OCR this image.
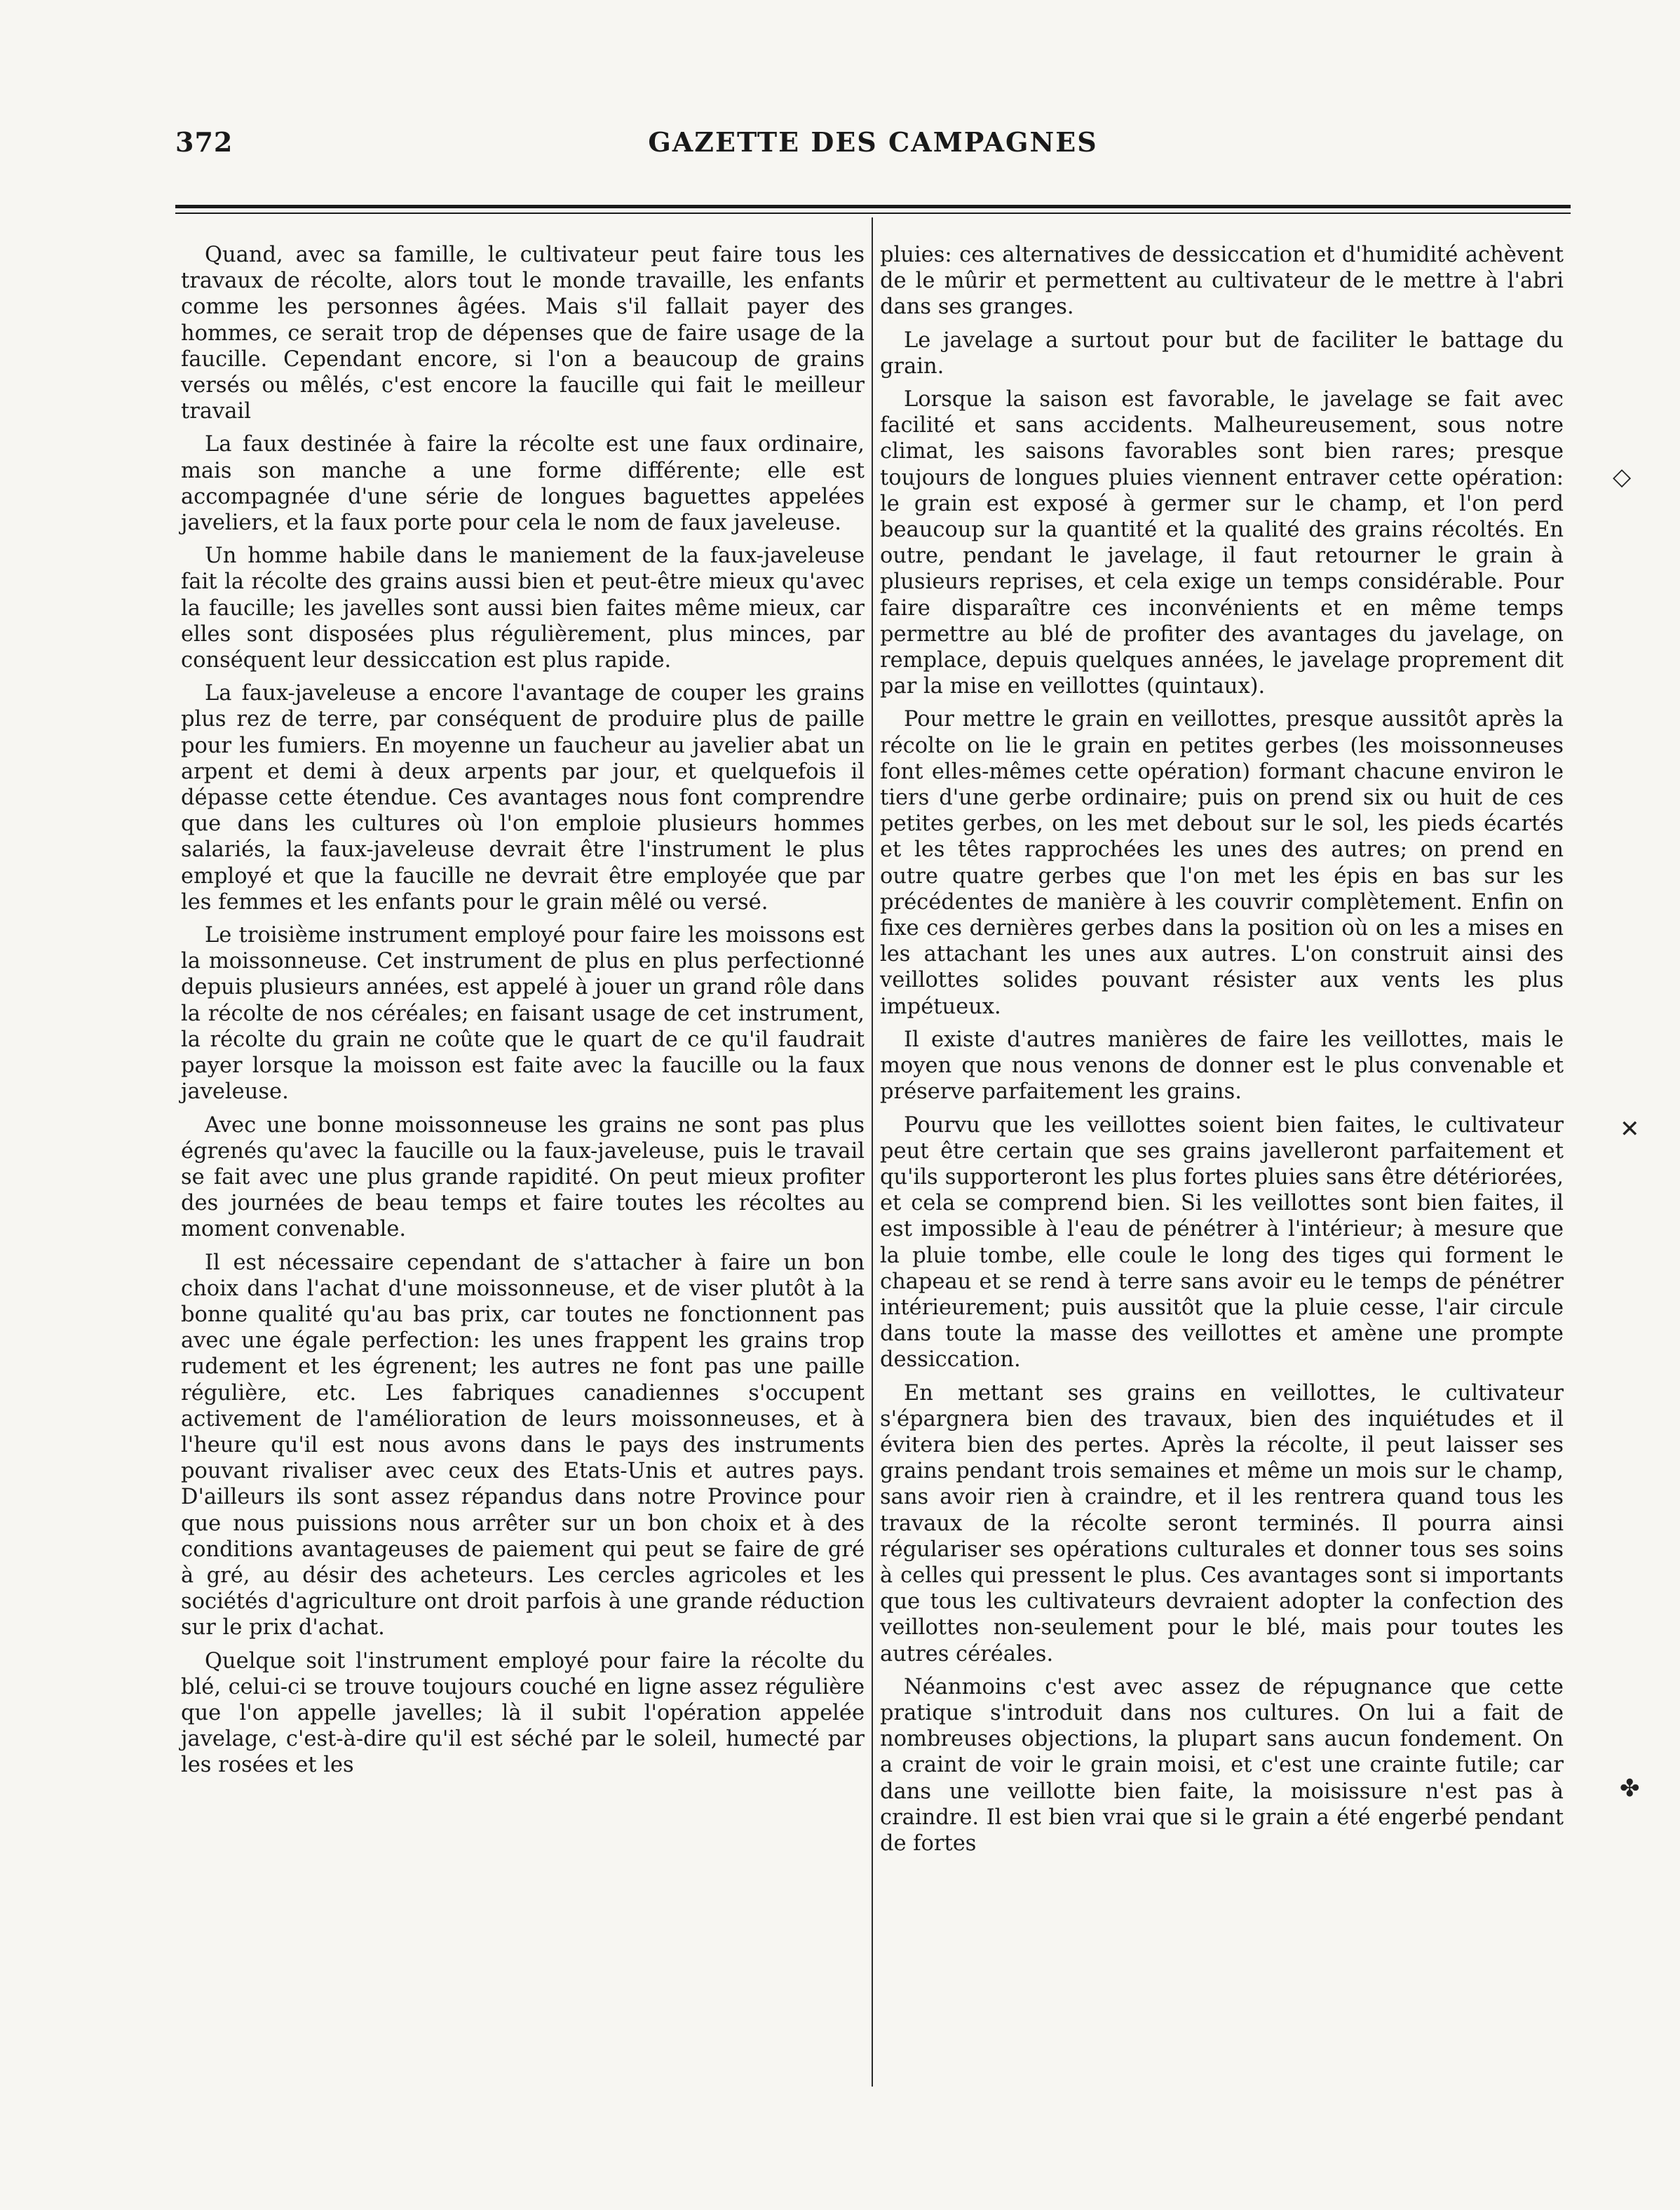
372	GAZETTE DES CAMPAGNES

Quand, avec sa famille, le cultivateur peut faire tous les travaux de récolte, alors tout le monde travaille, les enfants comme les personnes âgées. Mais s'il fallait payer des hommes, ce serait trop de dépenses que de faire usage de la faucille. Cependant encore, si l'on a beaucoup de grains versés ou mêlés, c'est encore la faucille qui fait le meilleur travail

La faux destinée à faire la récolte est une faux ordinaire, mais son manche a une forme différente; elle est accompagnée d'une série de longues baguettes appelées javeliers, et la faux porte pour cela le nom de faux javeleuse.

Un homme habile dans le maniement de la faux-javeleuse fait la récolte des grains aussi bien et peut-être mieux qu'avec la faucille; les javelles sont aussi bien faites même mieux, car elles sont disposées plus régulièrement, plus minces, par conséquent leur dessiccation est plus rapide.

La faux-javeleuse a encore l'avantage de couper les grains plus rez de terre, par conséquent de produire plus de paille pour les fumiers. En moyenne un faucheur au javelier abat un arpent et demi à deux arpents par jour, et quelquefois il dépasse cette étendue. Ces avantages nous font comprendre que dans les cultures où l'on emploie plusieurs hommes salariés, la faux-javeleuse devrait être l'instrument le plus employé et que la faucille ne devrait être employée que par les femmes et les enfants pour le grain mêlé ou versé.

Le troisième instrument employé pour faire les moissons est la moissonneuse. Cet instrument de plus en plus perfectionné depuis plusieurs années, est appelé à jouer un grand rôle dans la récolte de nos céréales; en faisant usage de cet instrument, la récolte du grain ne coûte que le quart de ce qu'il faudrait payer lorsque la moisson est faite avec la faucille ou la faux javeleuse.

Avec une bonne moissonneuse les grains ne sont pas plus égrenés qu'avec la faucille ou la faux-javeleuse, puis le travail se fait avec une plus grande rapidité. On peut mieux profiter des journées de beau temps et faire toutes les récoltes au moment convenable.

Il est nécessaire cependant de s'attacher à faire un bon choix dans l'achat d'une moissonneuse, et de viser plutôt à la bonne qualité qu'au bas prix, car toutes ne fonctionnent pas avec une égale perfection: les unes frappent les grains trop rudement et les égrenent; les autres ne font pas une paille régulière, etc. Les fabriques canadiennes s'occupent activement de l'amélioration de leurs moissonneuses, et à l'heure qu'il est nous avons dans le pays des instruments pouvant rivaliser avec ceux des Etats-Unis et autres pays. D'ailleurs ils sont assez répandus dans notre Province pour que nous puissions nous arrêter sur un bon choix et à des conditions avantageuses de paiement qui peut se faire de gré à gré, au désir des acheteurs. Les cercles agricoles et les sociétés d'agriculture ont droit parfois à une grande réduction sur le prix d'achat.

Quelque soit l'instrument employé pour faire la récolte du blé, celui-ci se trouve toujours couché en ligne assez régulière que l'on appelle javelles; là il subit l'opération appelée javelage, c'est-à-dire qu'il est séché par le soleil, humecté par les rosées et les

pluies: ces alternatives de dessiccation et d'humidité achèvent de le mûrir et permettent au cultivateur de le mettre à l'abri dans ses granges.

Le javelage a surtout pour but de faciliter le battage du grain.

Lorsque la saison est favorable, le javelage se fait avec facilité et sans accidents. Malheureusement, sous notre climat, les saisons favorables sont bien rares; presque toujours de longues pluies viennent entraver cette opération: le grain est exposé à germer sur le champ, et l'on perd beaucoup sur la quantité et la qualité des grains récoltés. En outre, pendant le javelage, il faut retourner le grain à plusieurs reprises, et cela exige un temps considérable. Pour faire disparaître ces inconvénients et en même temps permettre au blé de profiter des avantages du javelage, on remplace, depuis quelques années, le javelage proprement dit par la mise en veillottes (quintaux).

Pour mettre le grain en veillottes, presque aussitôt après la récolte on lie le grain en petites gerbes (les moissonneuses font elles-mêmes cette opération) formant chacune environ le tiers d'une gerbe ordinaire; puis on prend six ou huit de ces petites gerbes, on les met debout sur le sol, les pieds écartés et les têtes rapprochées les unes des autres; on prend en outre quatre gerbes que l'on met les épis en bas sur les précédentes de manière à les couvrir complètement. Enfin on fixe ces dernières gerbes dans la position où on les a mises en les attachant les unes aux autres. L'on construit ainsi des veillottes solides pouvant résister aux vents les plus impétueux.

Il existe d'autres manières de faire les veillottes, mais le moyen que nous venons de donner est le plus convenable et préserve parfaitement les grains.

Pourvu que les veillottes soient bien faites, le cultivateur peut être certain que ses grains javelleront parfaitement et qu'ils supporteront les plus fortes pluies sans être détériorées, et cela se comprend bien. Si les veillottes sont bien faites, il est impossible à l'eau de pénétrer à l'intérieur; à mesure que la pluie tombe, elle coule le long des tiges qui forment le chapeau et se rend à terre sans avoir eu le temps de pénétrer intérieurement; puis aussitôt que la pluie cesse, l'air circule dans toute la masse des veillottes et amène une prompte dessiccation.

En mettant ses grains en veillottes, le cultivateur s'épargnera bien des travaux, bien des inquiétudes et il évitera bien des pertes. Après la récolte, il peut laisser ses grains pendant trois semaines et même un mois sur le champ, sans avoir rien à craindre, et il les rentrera quand tous les travaux de la récolte seront terminés. Il pourra ainsi régulariser ses opérations culturales et donner tous ses soins à celles qui pressent le plus. Ces avantages sont si importants que tous les cultivateurs devraient adopter la confection des veillottes non-seulement pour le blé, mais pour toutes les autres céréales.

Néanmoins c'est avec assez de répugnance que cette pratique s'introduit dans nos cultures. On lui a fait de nombreuses objections, la plupart sans aucun fondement. On a craint de voir le grain moisi, et c'est une crainte futile; car dans une veillotte bien faite, la moisissure n'est pas à craindre. Il est bien vrai que si le grain a été engerbé pendant de fortes

◇
✕
✤
